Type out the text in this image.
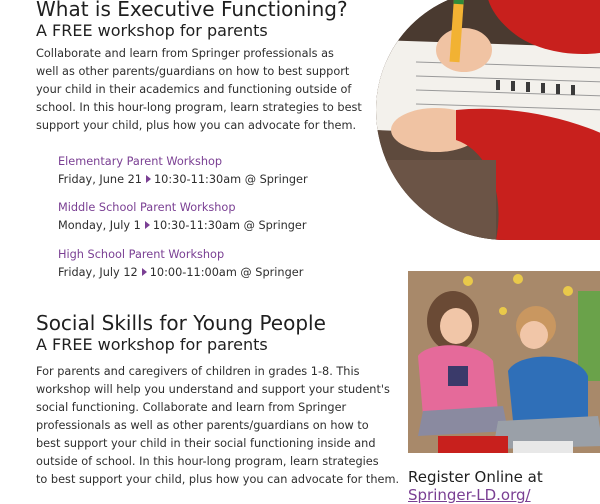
What is Executive Functioning?
A FREE workshop for parents
Collaborate and learn from Springer professionals as
well as other parents/guardians on how to best support
your child in their academics and functioning outside of
school. In this hour-long program, learn strategies to best
support your child, plus how you can advocate for them.
Elementary Parent Workshop
Friday, June 21 10:30-11:30am @ Springer
Middle School Parent Workshop
Monday, July 1 10:30-11:30am @ Springer
High School Parent Workshop
Friday, July 12 10:00-11:00am @ Springer
Social Skills for Young People
A FREE workshop for parents
For parents and caregivers of children in grades 1-8. This
workshop will help you understand and support your student's
social functioning. Collaborate and learn from Springer
professionals as well as other parents/guardians on how to
best support your child in their social functioning inside and
outside of school. In this hour-long program, learn strategies
to best support your child, plus how you can advocate for them. Register Online at
Springer-LD.org/
